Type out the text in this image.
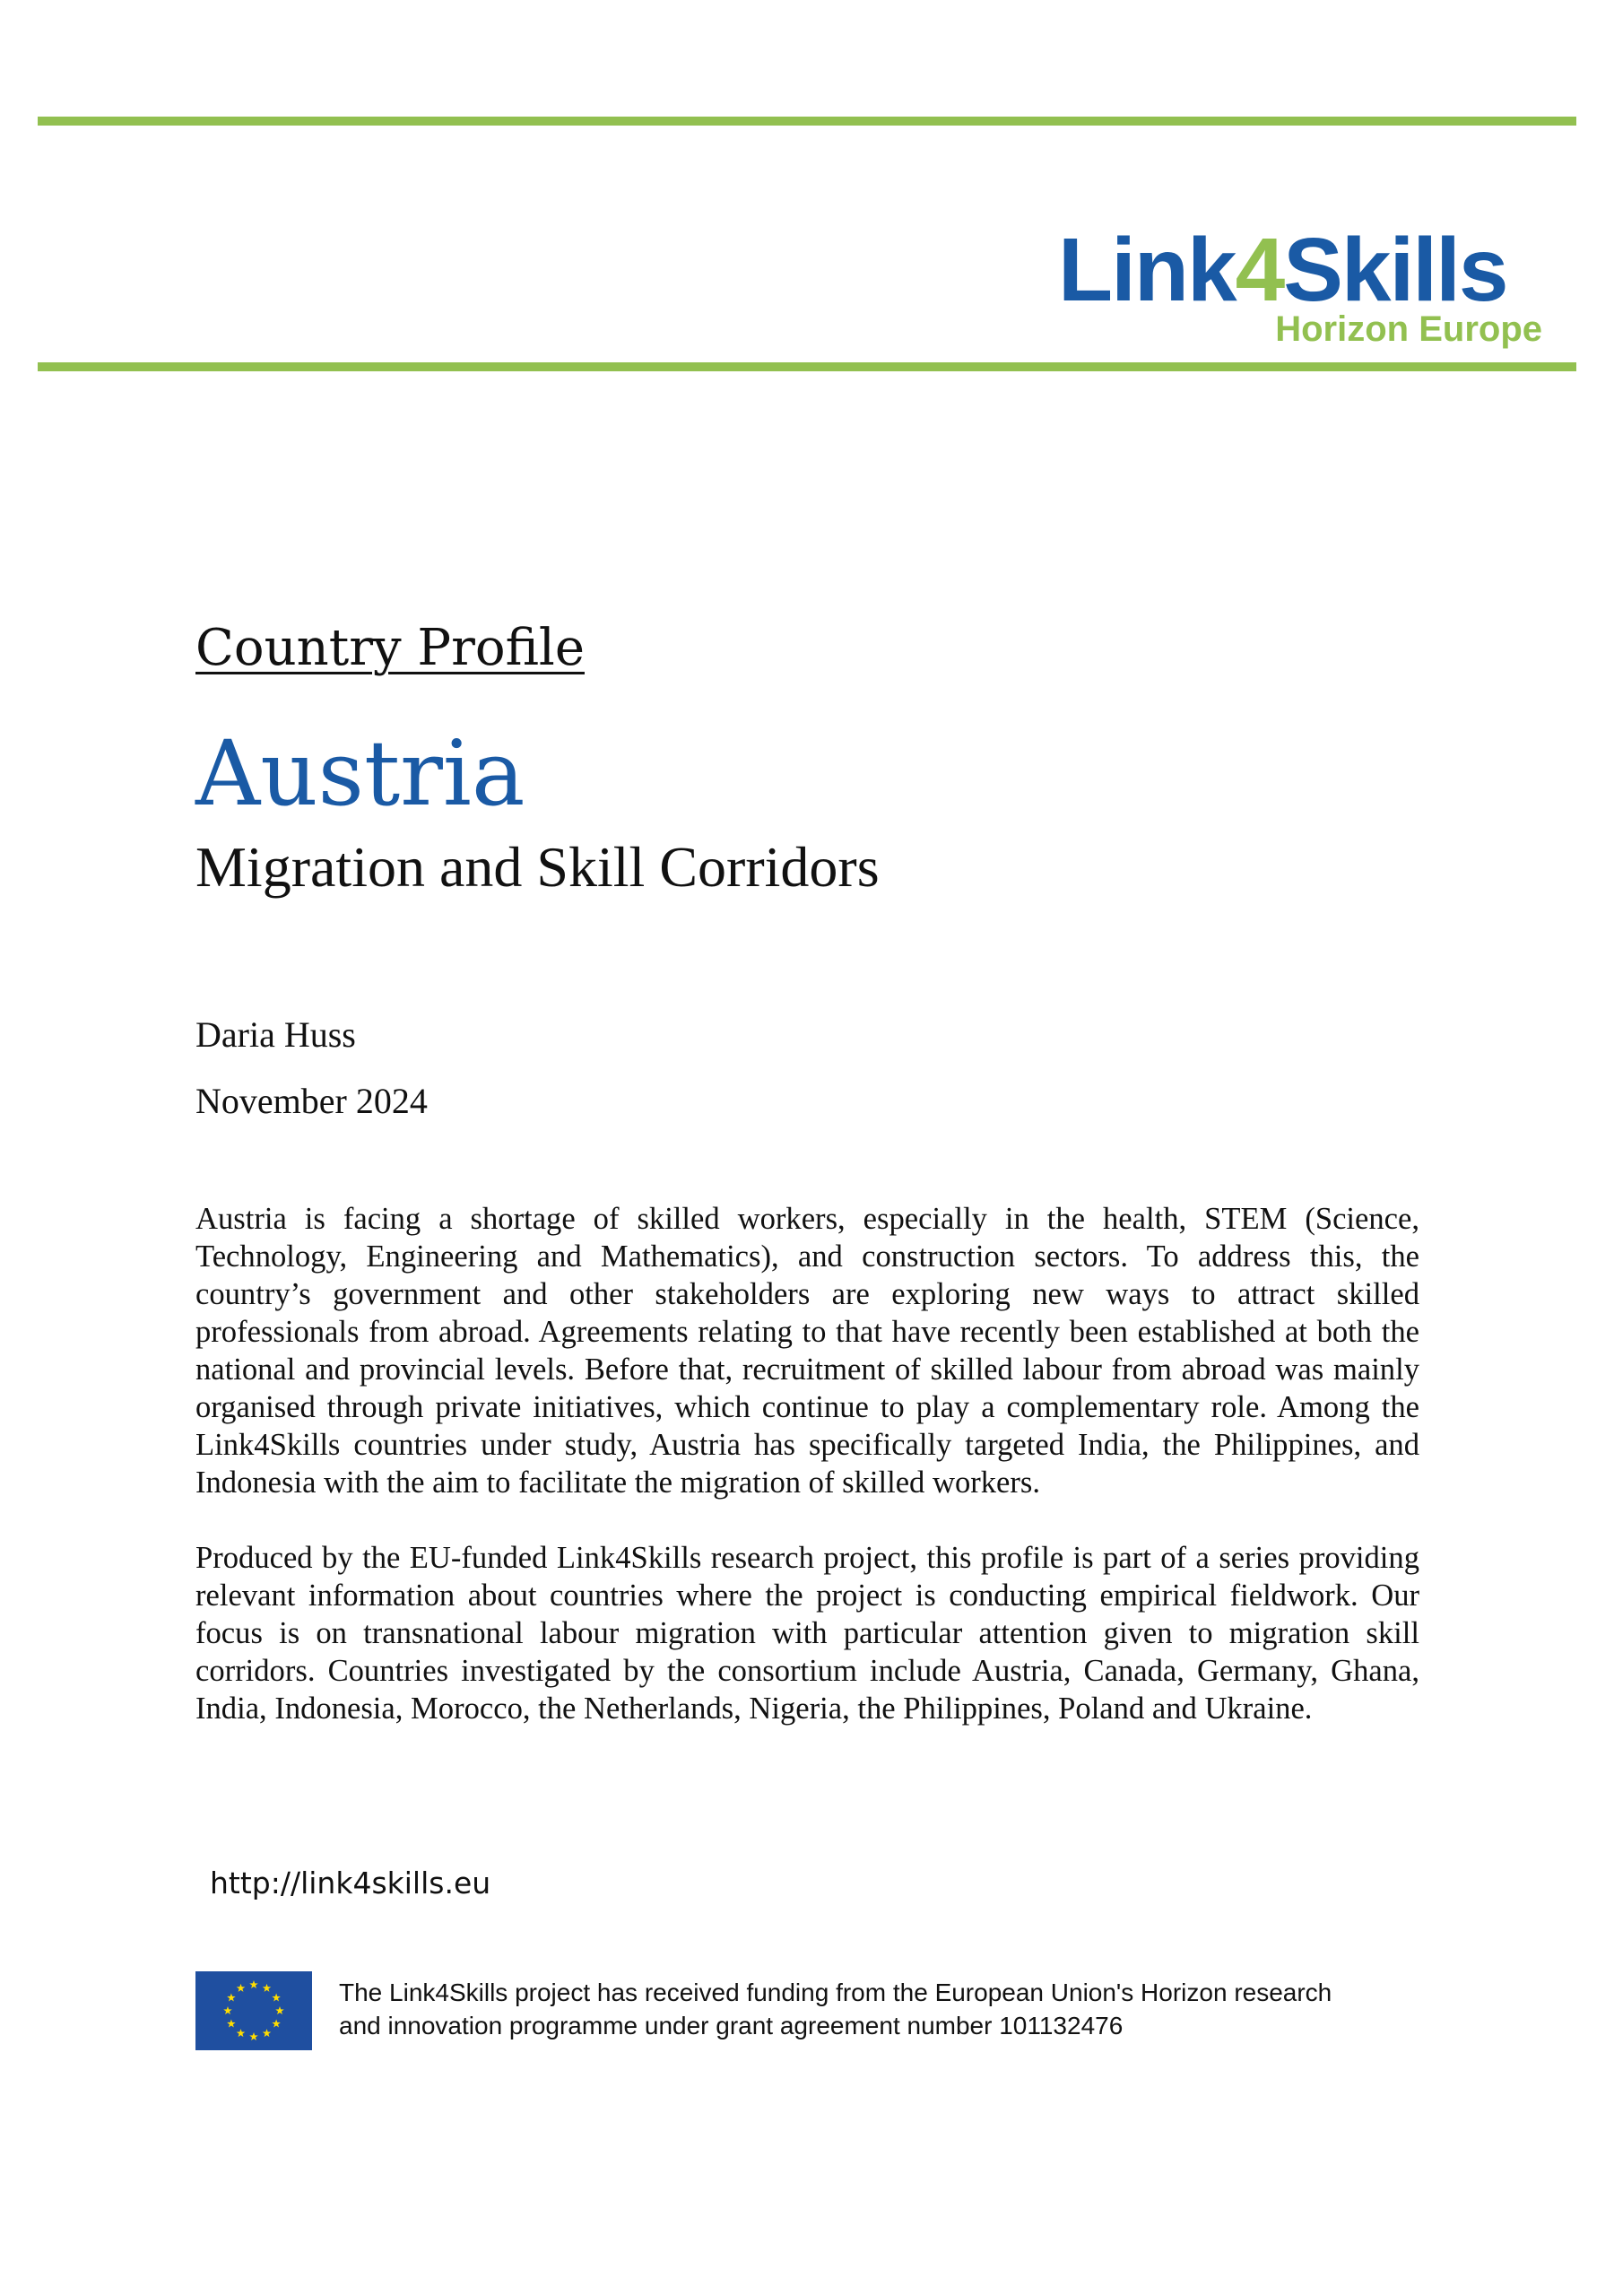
Link4Skills
Horizon Europe
Country Profile
Austria
Migration and Skill Corridors
Daria Huss
November 2024

Austria is facing a shortage of skilled workers, especially in the health, STEM (Science, Technology, Engineering and Mathematics), and construction sectors. To address this, the country’s government and other stakeholders are exploring new ways to attract skilled professionals from abroad. Agreements relating to that have recently been established at both the national and provincial levels. Before that, recruitment of skilled labour from abroad was mainly organised through private initiatives, which continue to play a complementary role. Among the Link4Skills countries under study, Austria has specifically targeted India, the Philippines, and Indonesia with the aim to facilitate the migration of skilled workers.

Produced by the EU-funded Link4Skills research project, this profile is part of a series providing relevant information about countries where the project is conducting empirical fieldwork. Our focus is on transnational labour migration with particular attention given to migration skill corridors. Countries investigated by the consortium include Austria, Canada, Germany, Ghana, India, Indonesia, Morocco, the Netherlands, Nigeria, the Philippines, Poland and Ukraine.

http://link4skills.eu
The Link4Skills project has received funding from the European Union's Horizon research
and innovation programme under grant agreement number 101132476
